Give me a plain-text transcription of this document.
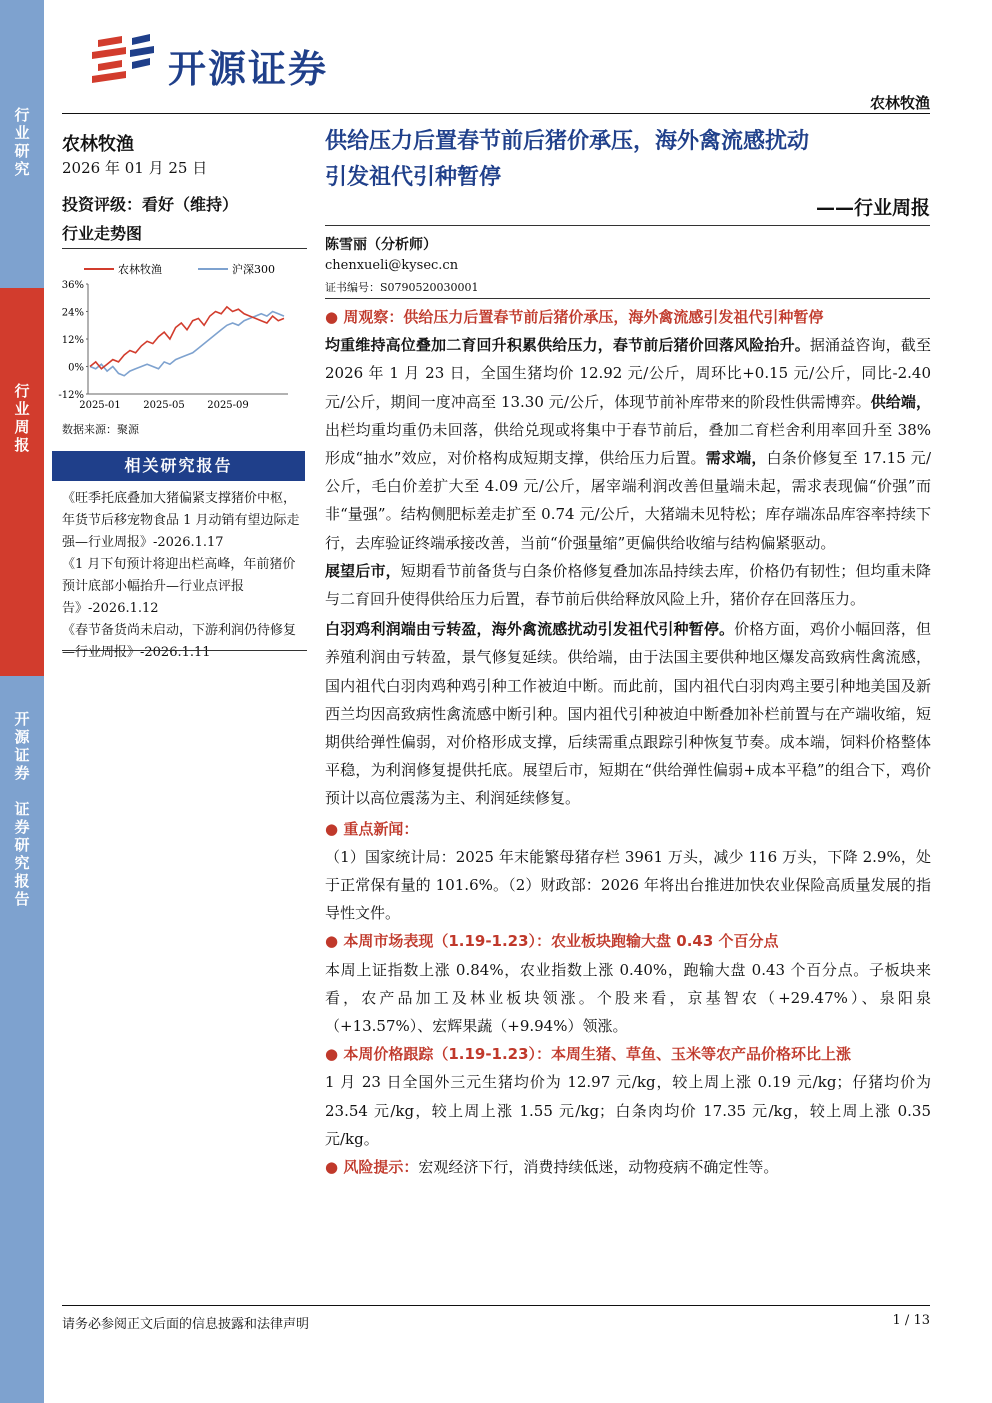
行
业
研
究
行
业
周
报
开
源
证
券

证
券
研
究
报
告
开源证券
农林牧渔
农林牧渔
2026 年 01 月 25 日
投资评级：看好（维持）
行业走势图
农林牧渔	沪深300
36%
24%
12%
0%
-12%
2025-01 2025-05 2025-09
数据来源：聚源
相关研究报告

《旺季托底叠加大猪偏紧支撑猪价中枢，年货节后移宠物食品 1 月动销有望边际走强—行业周报》-2026.1.17

《1 月下旬预计将迎出栏高峰，年前猪价预计底部小幅抬升—行业点评报告》-2026.1.12

《春节备货尚未启动，下游利润仍待修复—行业周报》-2026.1.11

供给压力后置春节前后猪价承压，海外禽流感扰动
引发祖代引种暂停
——行业周报
陈雪丽（分析师）
chenxueli@kysec.cn
证书编号：S0790520030001

● 周观察：供给压力后置春节前后猪价承压，海外禽流感引发祖代引种暂停

均重维持高位叠加二育回升积累供给压力，春节前后猪价回落风险抬升。据涌益咨询，截至 2026 年 1 月 23 日，全国生猪均价 12.92 元/公斤，周环比+0.15 元/公斤，同比-2.40 元/公斤，期间一度冲高至 13.30 元/公斤，体现节前补库带来的阶段性供需博弈。供给端，出栏均重均重仍未回落，供给兑现或将集中于春节前后，叠加二育栏舍利用率回升至 38%形成“抽水”效应，对价格构成短期支撑，供给压力后置。需求端，白条价修复至 17.15 元/公斤，毛白价差扩大至 4.09 元/公斤，屠宰端利润改善但量端未起，需求表现偏“价强”而非“量强”。结构侧肥标差走扩至 0.74 元/公斤，大猪端未见特松；库存端冻品库容率持续下行，去库验证终端承接改善，当前“价强量缩”更偏供给收缩与结构偏紧驱动。

展望后市，短期看节前备货与白条价格修复叠加冻品持续去库，价格仍有韧性；但均重未降与二育回升使得供给压力后置，春节前后供给释放风险上升，猪价存在回落压力。

白羽鸡利润端由亏转盈，海外禽流感扰动引发祖代引种暂停。价格方面，鸡价小幅回落，但养殖利润由亏转盈，景气修复延续。供给端，由于法国主要供种地区爆发高致病性禽流感，国内祖代白羽肉鸡种鸡引种工作被迫中断。而此前，国内祖代白羽肉鸡主要引种地美国及新西兰均因高致病性禽流感中断引种。国内祖代引种被迫中断叠加补栏前置与在产端收缩，短期供给弹性偏弱，对价格形成支撑，后续需重点跟踪引种恢复节奏。成本端，饲料价格整体平稳，为利润修复提供托底。展望后市，短期在“供给弹性偏弱+成本平稳”的组合下，鸡价预计以高位震荡为主、利润延续修复。

● 重点新闻：

（1）国家统计局：2025 年末能繁母猪存栏 3961 万头，减少 116 万头，下降 2.9%，处于正常保有量的 101.6%。（2）财政部：2026 年将出台推进加快农业保险高质量发展的指导性文件。

● 本周市场表现（1.19-1.23）：农业板块跑输大盘 0.43 个百分点

本周上证指数上涨 0.84%，农业指数上涨 0.40%，跑输大盘 0.43 个百分点。子板块来看，农产品加工及林业板块领涨。个股来看，京基智农（+29.47%）、泉阳泉（+13.57%）、宏辉果蔬（+9.94%）领涨。

● 本周价格跟踪（1.19-1.23）：本周生猪、草鱼、玉米等农产品价格环比上涨

1 月 23 日全国外三元生猪均价为 12.97 元/kg，较上周上涨 0.19 元/kg；仔猪均价为 23.54 元/kg，较上周上涨 1.55 元/kg；白条肉均价 17.35 元/kg，较上周上涨 0.35 元/kg。

● 风险提示：宏观经济下行，消费持续低迷，动物疫病不确定性等。

请务必参阅正文后面的信息披露和法律声明	1 / 13
